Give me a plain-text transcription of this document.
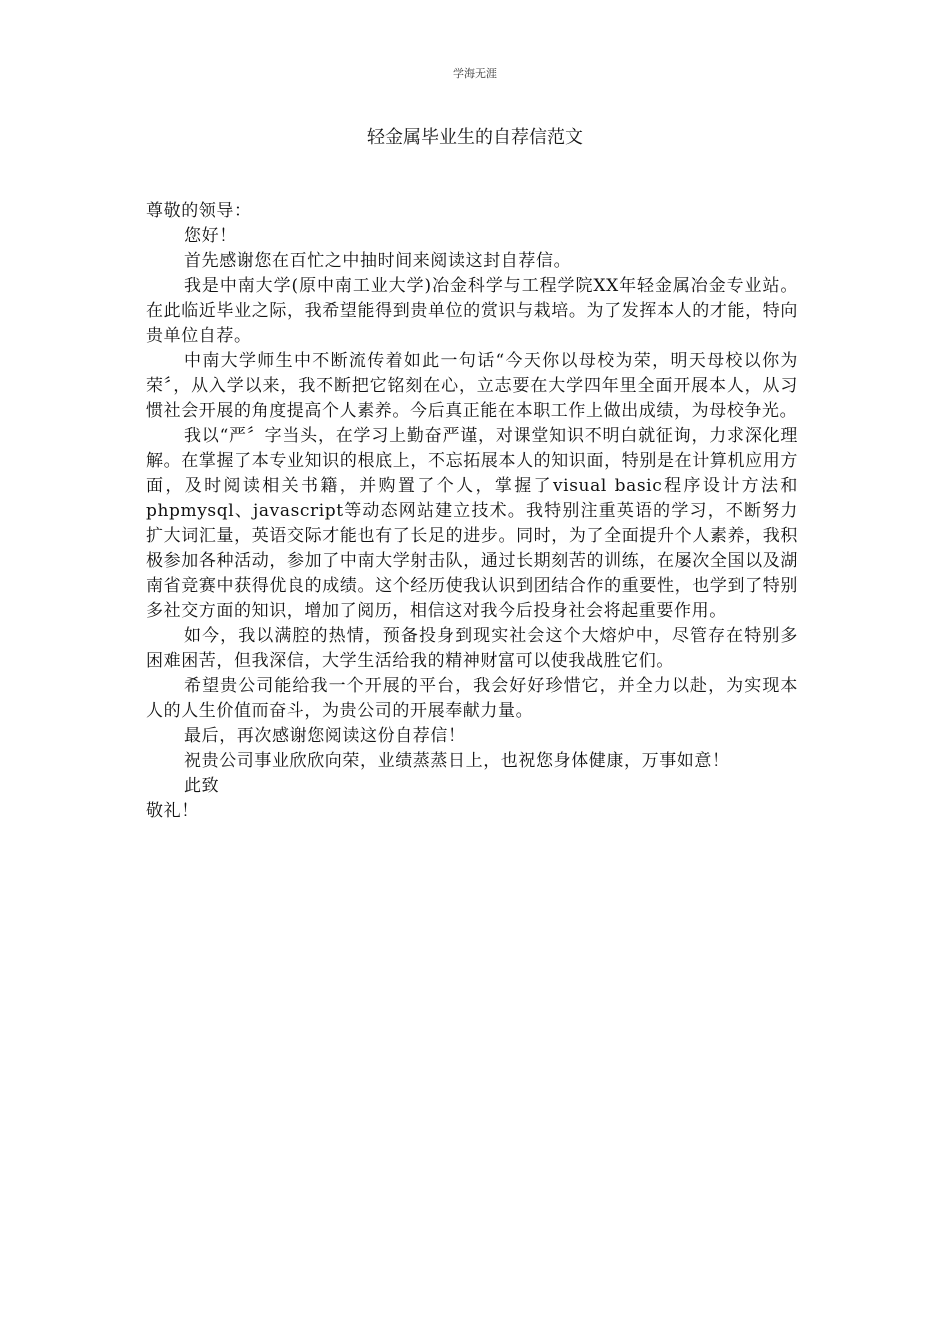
学海无涯
轻金属毕业生的自荐信范文

尊敬的领导：

您好！

首先感谢您在百忙之中抽时间来阅读这封自荐信。

我是中南大学(原中南工业大学)冶金科学与工程学院XX年轻金属冶金专业站。在此临近毕业之际，我希望能得到贵单位的赏识与栽培。为了发挥本人的才能，特向贵单位自荐。

中南大学师生中不断流传着如此一句话“今天你以母校为荣，明天母校以你为荣〞，从入学以来，我不断把它铭刻在心，立志要在大学四年里全面开展本人，从习惯社会开展的角度提高个人素养。今后真正能在本职工作上做出成绩，为母校争光。

我以“严〞字当头，在学习上勤奋严谨，对课堂知识不明白就征询，力求深化理解。在掌握了本专业知识的根底上，不忘拓展本人的知识面，特别是在计算机应用方面，及时阅读相关书籍，并购置了个人，掌握了visual basic程序设计方法和phpmysql、javascript等动态网站建立技术。我特别注重英语的学习，不断努力扩大词汇量，英语交际才能也有了长足的进步。同时，为了全面提升个人素养，我积极参加各种活动，参加了中南大学射击队，通过长期刻苦的训练，在屡次全国以及湖南省竞赛中获得优良的成绩。这个经历使我认识到团结合作的重要性，也学到了特别多社交方面的知识，增加了阅历，相信这对我今后投身社会将起重要作用。

如今，我以满腔的热情，预备投身到现实社会这个大熔炉中，尽管存在特别多困难困苦，但我深信，大学生活给我的精神财富可以使我战胜它们。

希望贵公司能给我一个开展的平台，我会好好珍惜它，并全力以赴，为实现本人的人生价值而奋斗，为贵公司的开展奉献力量。

最后，再次感谢您阅读这份自荐信！

祝贵公司事业欣欣向荣，业绩蒸蒸日上，也祝您身体健康，万事如意！

此致

敬礼！
